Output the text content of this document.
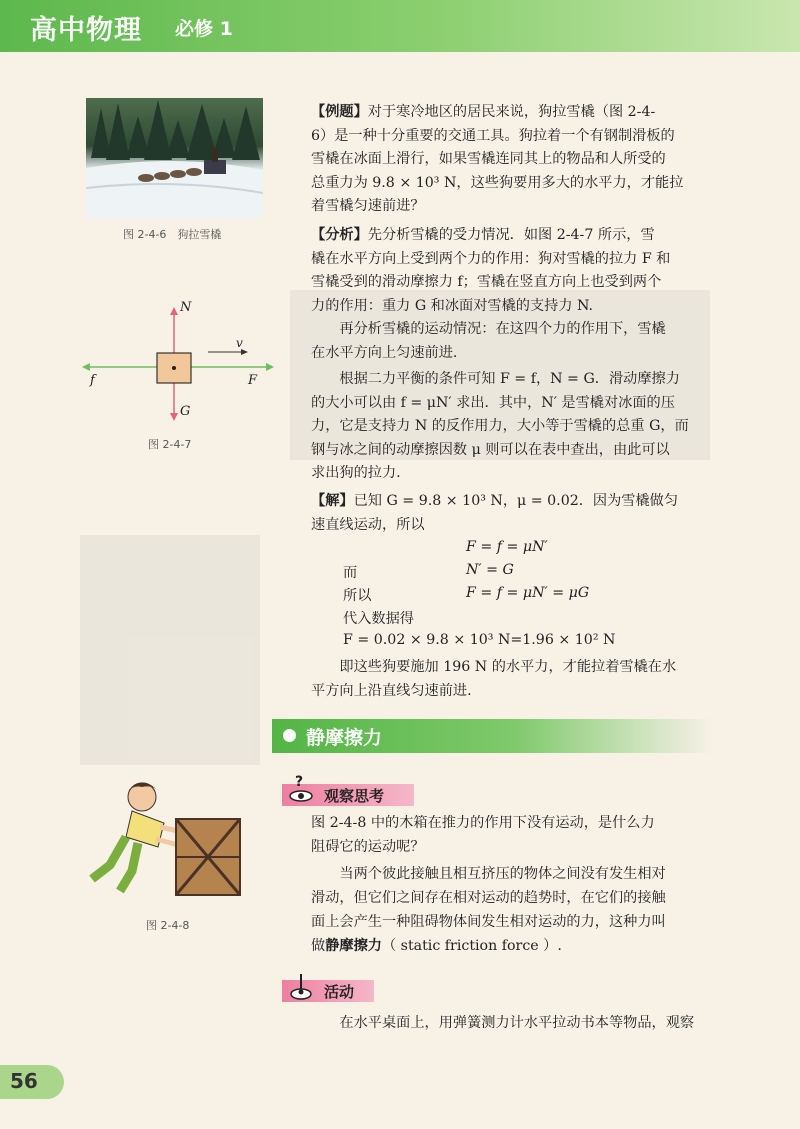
高中物理 必修 1
图 2-4-6　狗拉雪橇
N
G
f	F
v
图 2-4-7
图 2-4-8

【例题】对于寒冷地区的居民来说，狗拉雪橇（图 2-4-

6）是一种十分重要的交通工具。狗拉着一个有钢制滑板的

雪橇在冰面上滑行，如果雪橇连同其上的物品和人所受的

总重力为 9.8 × 10³ N，这些狗要用多大的水平力，才能拉

着雪橇匀速前进？

【分析】先分析雪橇的受力情况．如图 2-4-7 所示，雪

橇在水平方向上受到两个力的作用：狗对雪橇的拉力 F 和

雪橇受到的滑动摩擦力 f；雪橇在竖直方向上也受到两个

力的作用：重力 G 和冰面对雪橇的支持力 N.

　　再分析雪橇的运动情况：在这四个力的作用下，雪橇

在水平方向上匀速前进.

　　根据二力平衡的条件可知 F = f，N = G．滑动摩擦力

的大小可以由 f = μN′ 求出．其中，N′ 是雪橇对冰面的压

力，它是支持力 N 的反作用力，大小等于雪橇的总重 G，而

钢与冰之间的动摩擦因数 μ 则可以在表中查出，由此可以

求出狗的拉力.

【解】已知 G = 9.8 × 10³ N，μ = 0.02．因为雪橇做匀

速直线运动，所以

F = f = μN′

而	N′ = G

所以	F = f = μN′ = μG

代入数据得

F = 0.02 × 9.8 × 10³ N=1.96 × 10² N

　　即这些狗要施加 196 N 的水平力，才能拉着雪橇在水

平方向上沿直线匀速前进.

静摩擦力
?
观察思考

图 2-4-8 中的木箱在推力的作用下没有运动，是什么力

阻碍它的运动呢？

　　当两个彼此接触且相互挤压的物体之间没有发生相对

滑动，但它们之间存在相对运动的趋势时，在它们的接触

面上会产生一种阻碍物体间发生相对运动的力，这种力叫

做静摩擦力（ static friction force ）.

活动

　　在水平桌面上，用弹簧测力计水平拉动书本等物品，观察

56
